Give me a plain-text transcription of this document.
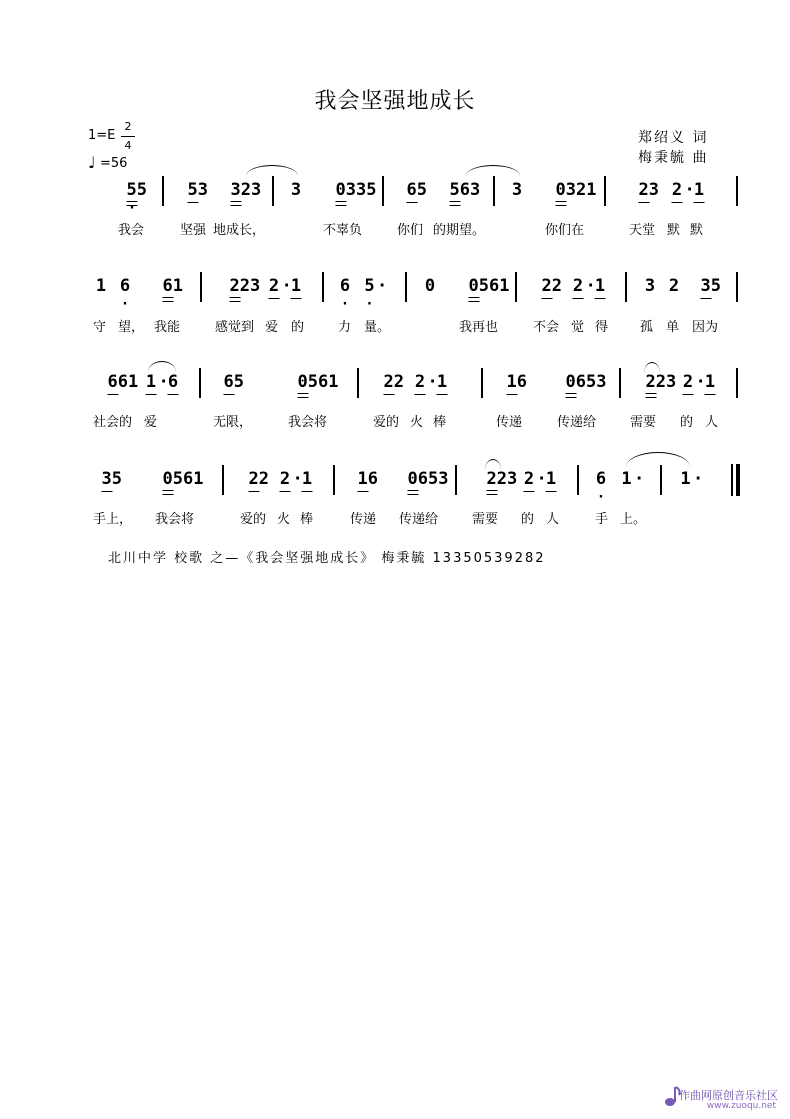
我会坚强地成长
1=E
2
4
♩ =56
郑绍义 词
梅秉毓 曲
· 55 53 323 3 0335 65 563 3 0321 23 2 · 1
我会	坚强 地成长，	不辜负	你们 的期望。	你们在	天堂 默 默
1 · 6 61	223 2 · 1 · 6 · 5 · 0 0561 22 2 · 1 3 2 35
守 望， 我能	感觉到 爱 的	力 量。	我再也	不会 觉 得 孤 单 因为
661 1 · 6	65	0561	22 2 · 1	16 0653 223 2 · 1
社会的 爱	无限，	我会将	爱的 火 棒	传递	传递给	需要 的 人
35 0561	22 2 · 1	16 0653 223 2 · 1 · 6 1 · 1 ·
手上， 我会将	爱的 火 棒	传递 传递给	需要 的 人	手 上。
北川中学 校歌 之—《我会坚强地成长》 梅秉毓 13350539282
作曲网原创音乐社区
www.zuoqu.net
